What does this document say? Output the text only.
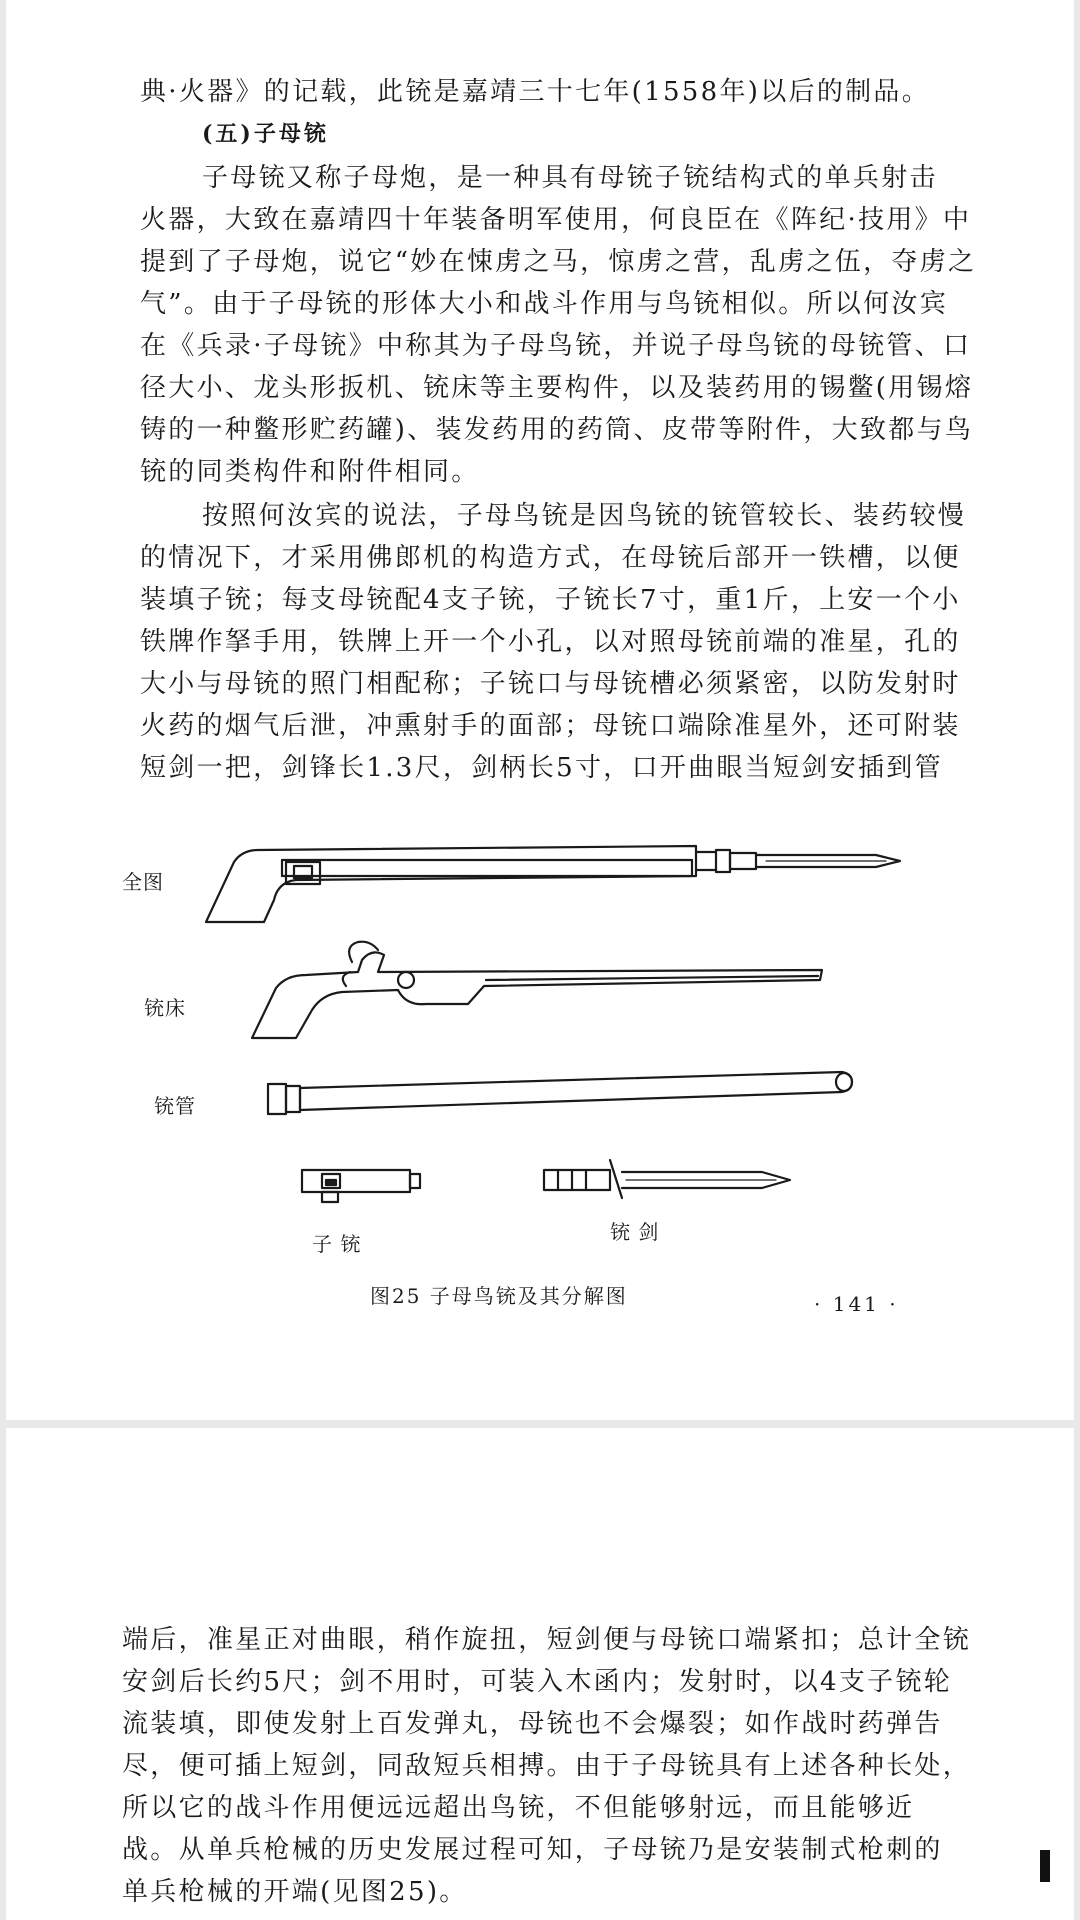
典·火器》的记载，此铳是嘉靖三十七年(1558年)以后的制品。
(五)子母铳
子母铳又称子母炮，是一种具有母铳子铳结构式的单兵射击
火器，大致在嘉靖四十年装备明军使用，何良臣在《阵纪·技用》中
提到了子母炮，说它“妙在悚虏之马，惊虏之营，乱虏之伍，夺虏之
气”。由于子母铳的形体大小和战斗作用与鸟铳相似。所以何汝宾
在《兵录·子母铳》中称其为子母鸟铳，并说子母鸟铳的母铳管、口
径大小、龙头形扳机、铳床等主要构件，以及装药用的锡鳖(用锡熔
铸的一种鳖形贮药罐)、装发药用的药筒、皮带等附件，大致都与鸟
铳的同类构件和附件相同。
按照何汝宾的说法，子母鸟铳是因鸟铳的铳管较长、装药较慢
的情况下，才采用佛郎机的构造方式，在母铳后部开一铁槽，以便
装填子铳；每支母铳配4支子铳，子铳长7寸，重1斤，上安一个小
铁牌作拏手用，铁牌上开一个小孔，以对照母铳前端的准星，孔的
大小与母铳的照门相配称；子铳口与母铳槽必须紧密，以防发射时
火药的烟气后泄，冲熏射手的面部；母铳口端除准星外，还可附装
短剑一把，剑锋长1.3尺，剑柄长5寸，口开曲眼当短剑安插到管
全图
铳床
铳管
子 铳	铳 剑
图25 子母鸟铳及其分解图	· 141 ·
端后，准星正对曲眼，稍作旋扭，短剑便与母铳口端紧扣；总计全铳
安剑后长约5尺；剑不用时，可装入木函内；发射时，以4支子铳轮
流装填，即使发射上百发弹丸，母铳也不会爆裂；如作战时药弹告
尽，便可插上短剑，同敌短兵相搏。由于子母铳具有上述各种长处，
所以它的战斗作用便远远超出鸟铳，不但能够射远，而且能够近
战。从单兵枪械的历史发展过程可知，子母铳乃是安装制式枪刺的
单兵枪械的开端(见图25)。
